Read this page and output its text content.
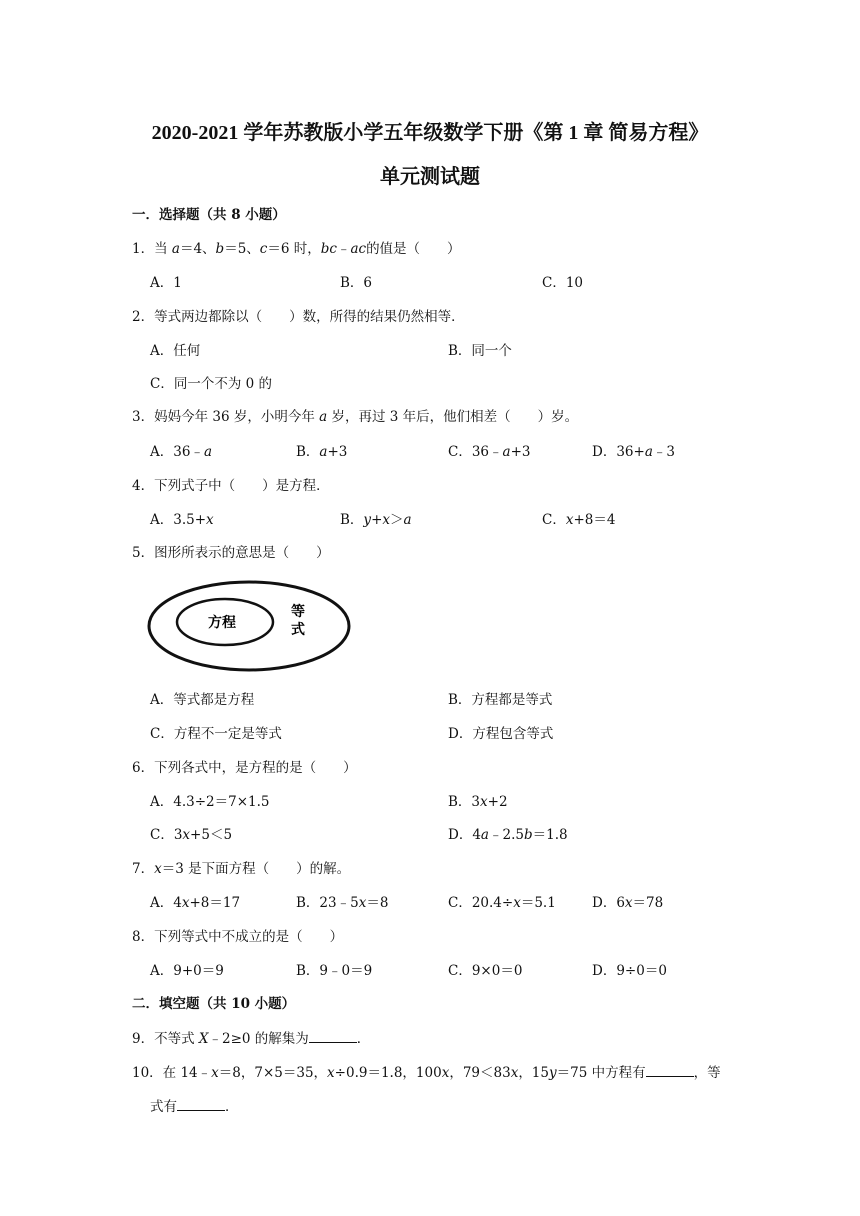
2020-2021 学年苏教版小学五年级数学下册《第 1 章 简易方程》
单元测试题
一．选择题（共 8 小题）
1．当 a＝4、b＝5、c＝6 时，bc﹣ac的值是（　　）
A．1	B．6	C．10
2．等式两边都除以（　　）数，所得的结果仍然相等．
A．任何	B．同一个
C．同一个不为 0 的
3．妈妈今年 36 岁，小明今年 a 岁，再过 3 年后，他们相差（　　）岁。
A．36﹣a	B．a+3	C．36﹣a+3	D．36+a﹣3
4．下列式子中（　　）是方程．
A．3.5+x	B．y+x＞a	C．x+8＝4
5．图形所表示的意思是（　　）
方程
等
式
A．等式都是方程	B．方程都是等式
C．方程不一定是等式	D．方程包含等式
6．下列各式中，是方程的是（　　）
A．4.3÷2＝7×1.5	B．3x+2
C．3x+5＜5	D．4a﹣2.5b＝1.8
7．x＝3 是下面方程（　　）的解。
A．4x+8＝17	B．23﹣5x＝8	C．20.4÷x＝5.1	D．6x＝78
8．下列等式中不成立的是（　　）
A．9+0＝9	B．9﹣0＝9	C．9×0＝0	D．9÷0＝0
二．填空题（共 10 小题）
9．不等式 X﹣2≥0 的解集为	．
10．在 14﹣x＝8，7×5＝35，x÷0.9＝1.8，100x，79＜83x，15y＝75 中方程有	，等
式有	．
